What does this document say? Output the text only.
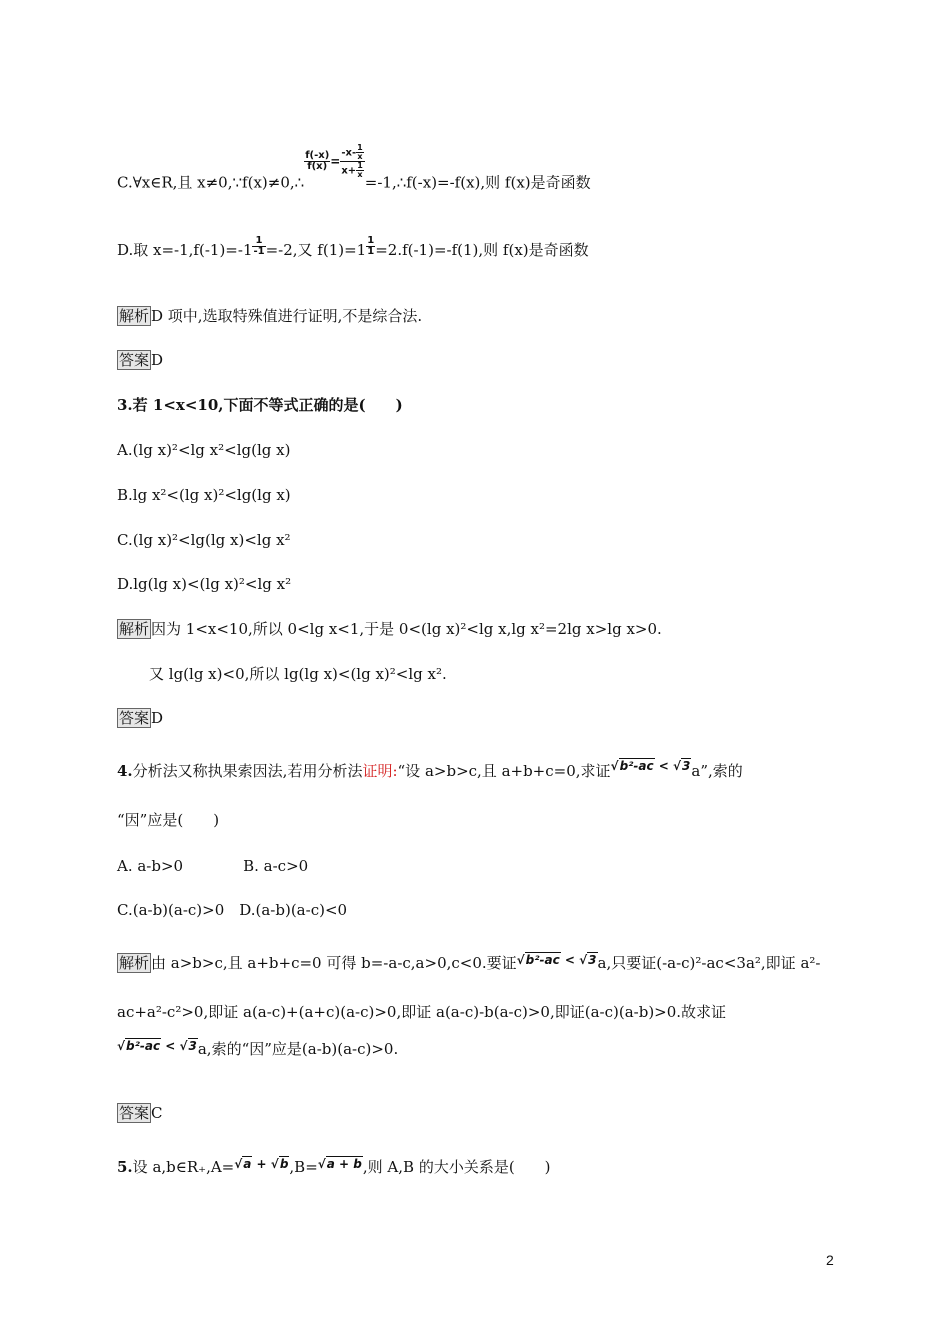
C.∀x∈R,且 x≠0,∵f(x)≠0,∴
$\frac{f(-x)}{f(x)} = \frac{-x- \frac{1}{x}}{x+ \frac{1}{x}}$
=-1,∴f(-x)=-f(x),则 f(x)是奇函数
D.取 $x=-1,f(-1)=-1 \frac{1}{-1} =-2$,又 $f(1)=1 \frac{1}{1} =2.f(-1)=-f(1)$,则 f(x)是奇函数
解析 D 项中,选取特殊值进行证明,不是综合法.
答案 D
3.若 1<x<10,下面不等式正确的是(　　)
A.(lg x)²<lg x²<lg(lg x)
B.lg x²<(lg x)²<lg(lg x)
C.(lg x)²<lg(lg x)<lg x²
D.lg(lg x)<(lg x)²<lg x²
解析 因为 1<x<10,所以 0<lg x<1,于是 0<(lg x)²<lg x,lg x²=2lg x>lg x>0.
又 lg(lg x)<0,所以 lg(lg x)<(lg x)²<lg x².
答案 D
4.分析法又称执果索因法,若用分析法证明:“设 a>b>c,且 a+b+c=0,求证√b²-ac < √3a”,索的
“因”应是(　　)
A. a-b>0　　　　B. a-c>0
C.(a-b)(a-c)>0　D.(a-b)(a-c)<0
解析 由 a>b>c,且 a+b+c=0 可得 b=-a-c,a>0,c<0.要证√b²-ac < √3a,只要证(-a-c)²-ac<3a²,即证 a²-
ac+a²-c²>0,即证 a(a-c)+(a+c)(a-c)>0,即证 a(a-c)-b(a-c)>0,即证(a-c)(a-b)>0.故求证
√b²-ac < √3a,索的“因”应是(a-b)(a-c)>0.
答案 C
5.设 a,b∈R₊,A=√a + √b,B=√a + b,则 A,B 的大小关系是(　　)
2
